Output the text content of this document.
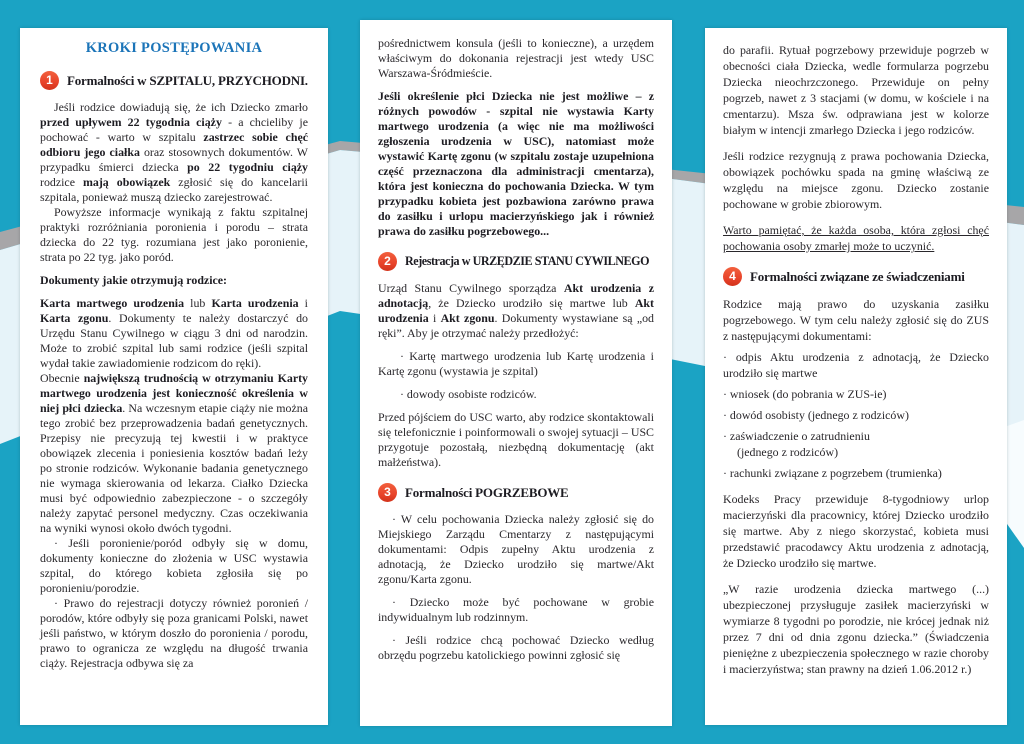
KROKI POSTĘPOWANIA
1	Formalności w SZPITALU, PRZYCHODNI.

Jeśli rodzice dowiadują się, że ich Dziecko zmarło przed upływem 22 tygodnia ciąży - a chcieliby je pochować - warto w szpitalu zastrzec sobie chęć odbioru jego ciałka oraz stosownych dokumentów. W przypadku śmierci dziecka po 22 tygodniu ciąży rodzice mają obowiązek zgłosić się do kancelarii szpitala, ponieważ muszą dziecko zarejestrować.

Powyższe informacje wynikają z faktu szpitalnej praktyki rozróżniania poronienia i porodu – strata dziecka do 22 tyg. rozumiana jest jako poronienie, strata po 22 tyg. jako poród.

Dokumenty jakie otrzymują rodzice:

Karta martwego urodzenia lub Karta urodzenia i Karta zgonu. Dokumenty te należy dostarczyć do Urzędu Stanu Cywilnego w ciągu 3 dni od narodzin. Może to zrobić szpital lub sami rodzice (jeśli szpital wydał takie zawiadomienie rodzicom do ręki).

Obecnie największą trudnością w otrzymaniu Karty martwego urodzenia jest konieczność określenia w niej płci dziecka. Na wczesnym etapie ciąży nie można tego zrobić bez przeprowadzenia badań genetycznych. Przepisy nie precyzują tej kwestii i w praktyce obowiązek zlecenia i poniesienia kosztów badań leży po stronie rodziców. Wykonanie badania genetycznego nie wymaga skierowania od lekarza. Ciałko Dziecka musi być odpowiednio zabezpieczone - o szczegóły należy zapytać personel medyczny. Czas oczekiwania na wyniki wynosi około dwóch tygodni.

· Jeśli poronienie/poród odbyły się w domu, dokumenty konieczne do złożenia w USC wystawia szpital, do którego kobieta zgłosiła się po poronieniu/porodzie.

· Prawo do rejestracji dotyczy również poronień / porodów, które odbyły się poza granicami Polski, nawet jeśli państwo, w którym doszło do poronienia / porodu, prawo to ogranicza ze względu na długość trwania ciąży. Rejestracja odbywa się za

pośrednictwem konsula (jeśli to konieczne), a urzędem właściwym do dokonania rejestracji jest wtedy USC Warszawa-Śródmieście.

Jeśli określenie płci Dziecka nie jest możliwe – z różnych powodów - szpital nie wystawia Karty martwego urodzenia (a więc nie ma możliwości zgłoszenia urodzenia w USC), natomiast może wystawić Kartę zgonu (w szpitalu zostaje uzupełniona część przeznaczona dla administracji cmentarza), która jest konieczna do pochowania Dziecka. W tym przypadku kobieta jest pozbawiona zarówno prawa do zasiłku i urlopu macierzyńskiego jak i również prawa do zasiłku pogrzebowego...

2	Rejestracja w URZĘDZIE STANU CYWILNEGO

Urząd Stanu Cywilnego sporządza Akt urodzenia z adnotacją, że Dziecko urodziło się martwe lub Akt urodzenia i Akt zgonu. Dokumenty wystawiane są „od ręki”. Aby je otrzymać należy przedłożyć:

· Kartę martwego urodzenia lub Kartę urodzenia i Kartę zgonu (wystawia je szpital)

· dowody osobiste rodziców.

Przed pójściem do USC warto, aby rodzice skontaktowali się telefonicznie i poinformowali o swojej sytuacji – USC przygotuje pozostałą, niezbędną dokumentację (akt małżeństwa).

3	Formalności POGRZEBOWE

· W celu pochowania Dziecka należy zgłosić się do Miejskiego Zarządu Cmentarzy z następującymi dokumentami: Odpis zupełny Aktu urodzenia z adnotacją, że Dziecko urodziło się martwe/Akt zgonu/Karta zgonu.

· Dziecko może być pochowane w grobie indywidualnym lub rodzinnym.

· Jeśli rodzice chcą pochować Dziecko według obrzędu pogrzebu katolickiego powinni zgłosić się

do parafii. Rytuał pogrzebowy przewiduje pogrzeb w obecności ciała Dziecka, wedle formularza pogrzebu Dziecka nieochrzczonego. Przewiduje on pełny pogrzeb, nawet z 3 stacjami (w domu, w kościele i na cmentarzu). Msza św. odprawiana jest w kolorze białym w intencji zmarłego Dziecka i jego rodziców.

Jeśli rodzice rezygnują z prawa pochowania Dziecka, obowiązek pochówku spada na gminę właściwą ze względu na miejsce zgonu. Dziecko zostanie pochowane w grobie zbiorowym.

Warto pamiętać, że każda osoba, która zgłosi chęć pochowania osoby zmarłej może to uczynić.

4	Formalności związane ze świadczeniami

Rodzice mają prawo do uzyskania zasiłku pogrzebowego. W tym celu należy zgłosić się do ZUS z następującymi dokumentami:

· odpis Aktu urodzenia z adnotacją, że Dziecko urodziło się martwe

· wniosek (do pobrania w ZUS-ie)

· dowód osobisty (jednego z rodziców)

· zaświadczenie o zatrudnieniu

(jednego z rodziców)

· rachunki związane z pogrzebem (trumienka)

Kodeks Pracy przewiduje 8-tygodniowy urlop macierzyński dla pracownicy, której Dziecko urodziło się martwe. Aby z niego skorzystać, kobieta musi przedstawić pracodawcy Aktu urodzenia z adnotacją, że Dziecko urodziło się martwe.

„W razie urodzenia dziecka martwego (...) ubezpieczonej przysługuje zasiłek macierzyński w wymiarze 8 tygodni po porodzie, nie krócej jednak niż przez 7 dni od dnia zgonu dziecka.” (Świadczenia pieniężne z ubezpieczenia społecznego w razie choroby i macierzyństwa; stan prawny na dzień 1.06.2012 r.)
